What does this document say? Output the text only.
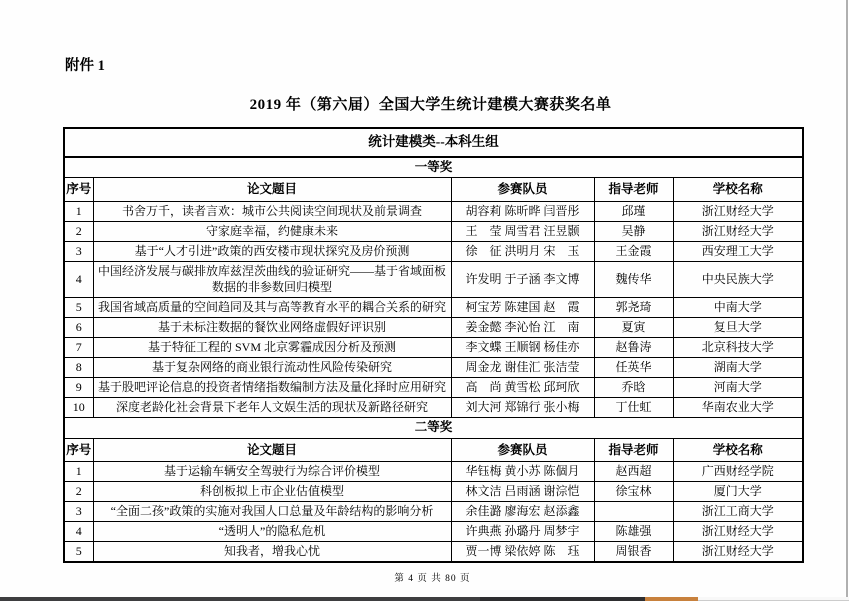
附件 1
2019 年（第六届）全国大学生统计建模大赛获奖名单
统计建模类--本科生组				
一等奖				
序号	论文题目	参赛队员	指导老师	学校名称
1	书舍万千，读者言欢：城市公共阅读空间现状及前景调查	胡容莉 陈昕晔 闫晋彤	邱瑾	浙江财经大学
2	守家庭幸福，约健康未来	王　莹 周雪君 汪昱颢	吴静	浙江财经大学
3	基于“人才引进”政策的西安楼市现状探究及房价预测	徐　征 洪明月 宋　玉	王金霞	西安理工大学
4	中国经济发展与碳排放库兹涅茨曲线的验证研究——基于省域面板数据的非参数回归模型	许发明 于子涵 李文博	魏传华	中央民族大学
5	我国省域高质量的空间趋同及其与高等教育水平的耦合关系的研究	柯宝芳 陈建国 赵　霞	郭尧琦	中南大学
6	基于未标注数据的餐饮业网络虚假好评识别	姜金懿 李沁怡 江　南	夏寅	复旦大学
7	基于特征工程的 SVM 北京雾霾成因分析及预测	李文蝶 王顺钢 杨佳亦	赵鲁涛	北京科技大学
8	基于复杂网络的商业银行流动性风险传染研究	周金龙 谢佳汇 张洁莹	任英华	湖南大学
9	基于股吧评论信息的投资者情绪指数编制方法及量化择时应用研究	高　尚 黄雪松 邱珂欣	乔晗	河南大学
10	深度老龄化社会背景下老年人文娱生活的现状及新路径研究	刘大河 郑锦行 张小梅	丁仕虹	华南农业大学
二等奖				
序号	论文题目	参赛队员	指导老师	学校名称
1	基于运输车辆安全驾驶行为综合评价模型	华钰梅 黄小苏 陈個月	赵西超	广西财经学院
2	科创板拟上市企业估值模型	林文洁 吕雨涵 谢淙恺	徐宝林	厦门大学
3	“全面二孩”政策的实施对我国人口总量及年龄结构的影响分析	余佳潞 廖海宏 赵添鑫		浙江工商大学
4	“透明人”的隐私危机	许典燕 孙璐丹 周梦宇	陈雄强	浙江财经大学
5	知我者，增我心忧	贾一博 梁依婷 陈　珏	周银香	浙江财经大学
第 4 页 共 80 页
